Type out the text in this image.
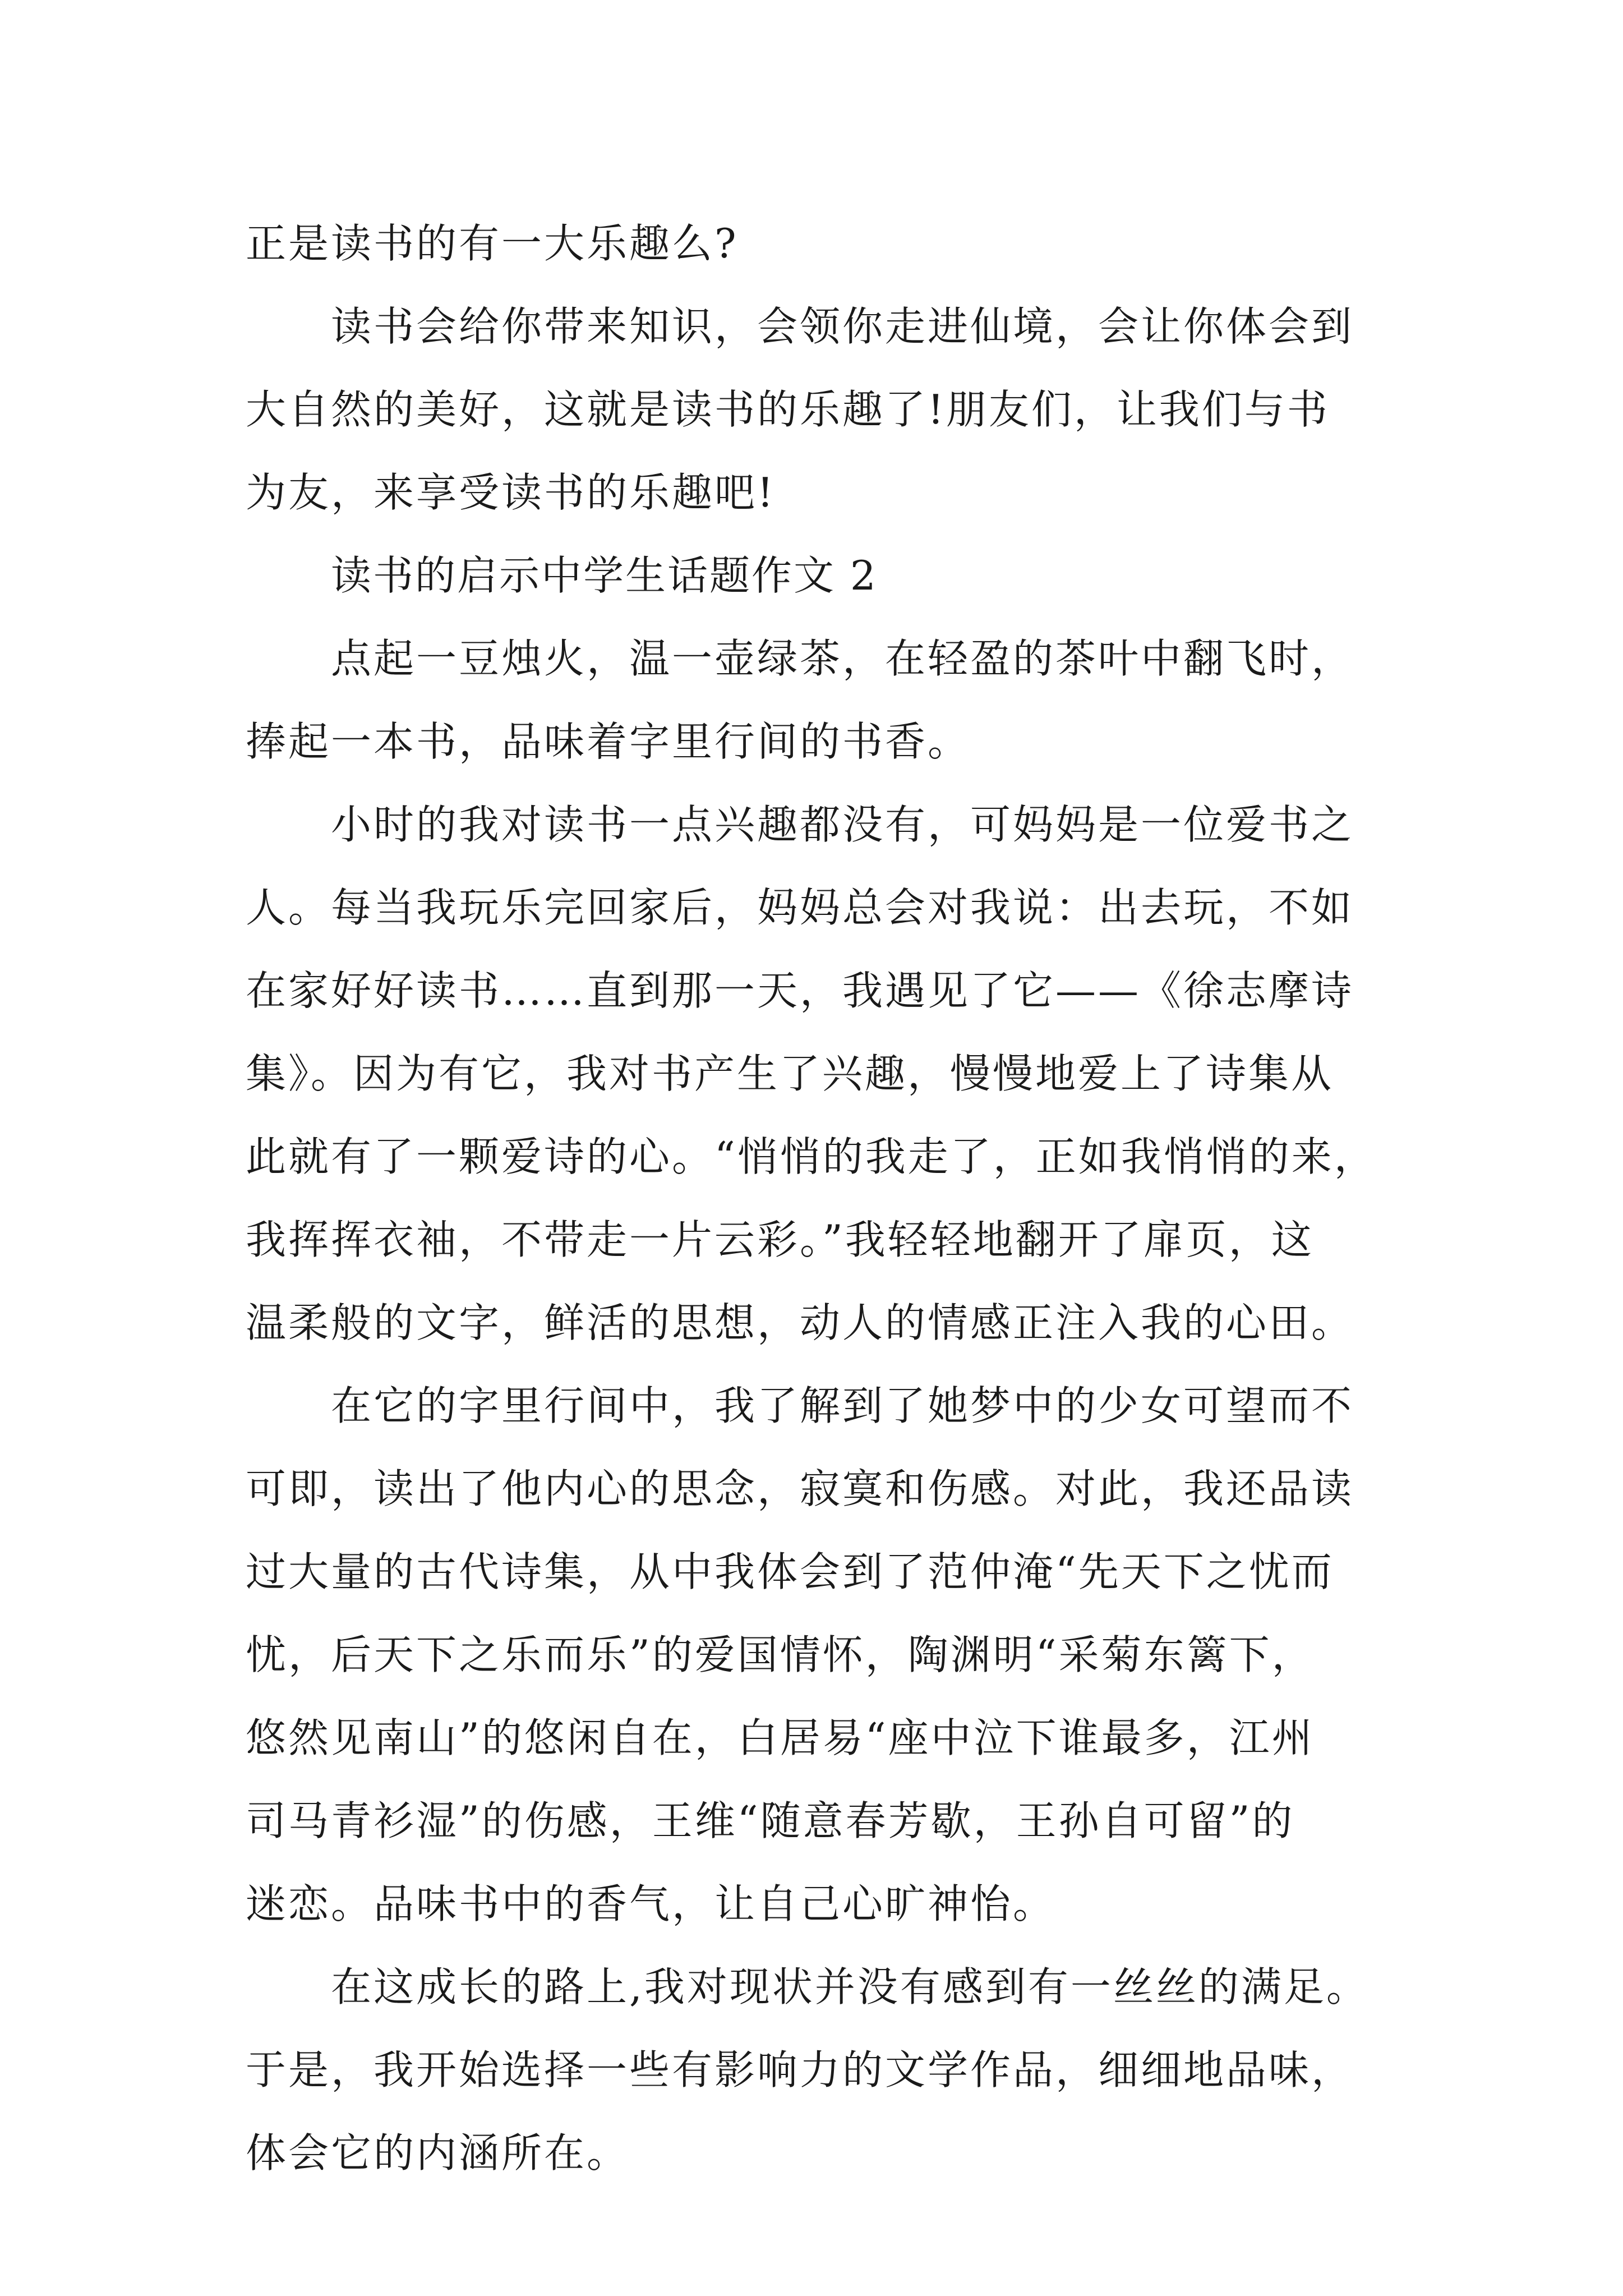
正是读书的有一大乐趣么?
读书会给你带来知识，会领你走进仙境，会让你体会到
大自然的美好，这就是读书的乐趣了!朋友们，让我们与书
为友，来享受读书的乐趣吧!
读书的启示中学生话题作文 2
点起一豆烛火，温一壶绿茶，在轻盈的茶叶中翻飞时，
捧起一本书，品味着字里行间的书香。
小时的我对读书一点兴趣都没有，可妈妈是一位爱书之
人。每当我玩乐完回家后，妈妈总会对我说：出去玩，不如
在家好好读书……直到那一天，我遇见了它——《徐志摩诗
集》。因为有它，我对书产生了兴趣，慢慢地爱上了诗集从
此就有了一颗爱诗的心。“悄悄的我走了，正如我悄悄的来，
我挥挥衣袖，不带走一片云彩。”我轻轻地翻开了扉页，这
温柔般的文字，鲜活的思想，动人的情感正注入我的心田。
在它的字里行间中，我了解到了她梦中的少女可望而不
可即，读出了他内心的思念，寂寞和伤感。对此，我还品读
过大量的古代诗集，从中我体会到了范仲淹“先天下之忧而
忧，后天下之乐而乐”的爱国情怀，陶渊明“采菊东篱下，
悠然见南山”的悠闲自在，白居易“座中泣下谁最多，江州
司马青衫湿”的伤感，王维“随意春芳歇，王孙自可留”的
迷恋。品味书中的香气，让自己心旷神怡。
在这成长的路上,我对现状并没有感到有一丝丝的满足。
于是，我开始选择一些有影响力的文学作品，细细地品味，
体会它的内涵所在。
